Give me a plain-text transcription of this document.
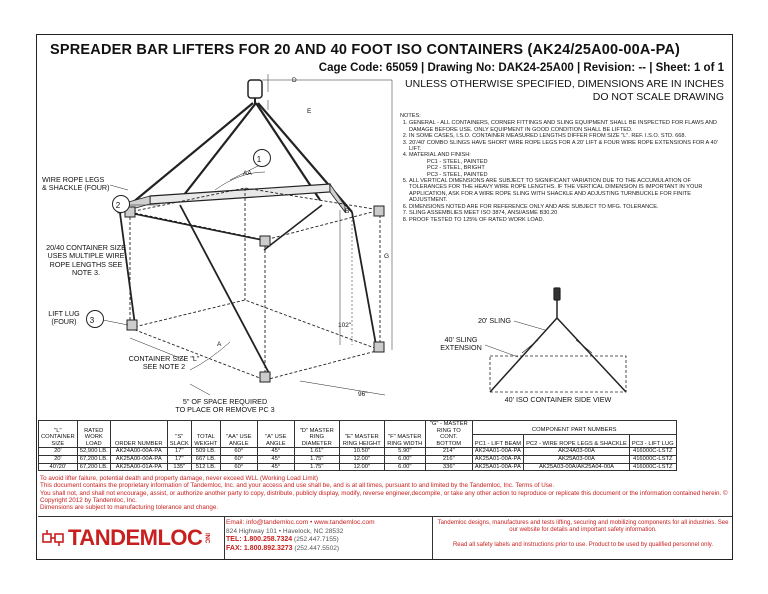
SPREADER BAR LIFTERS FOR 20 AND 40 FOOT ISO CONTAINERS (AK24/25A00-00A-PA)
Cage Code: 65059 | Drawing No: DAK24-25A00 | Revision: -- | Sheet: 1 of 1
UNLESS OTHERWISE SPECIFIED, DIMENSIONS ARE IN INCHES
DO NOT SCALE DRAWING
1
2
3
D
E
B
G
AA
A
102"
96"
WIRE ROPE LEGS
& SHACKLE (FOUR)
20/40 CONTAINER SIZE
USES MULTIPLE WIRE
ROPE LENGTHS SEE
NOTE 3.
LIFT LUG
(FOUR)
CONTAINER SIZE "L"
SEE NOTE 2
5" OF SPACE REQUIRED
TO PLACE OR REMOVE PC 3
20' SLING
40' SLING
EXTENSION
40' ISO CONTAINER SIDE VIEW
NOTES:
1. GENERAL - ALL CONTAINERS, CORNER FITTINGS AND SLING EQUIPMENT SHALL BE INSPECTED FOR FLAWS AND DAMAGE BEFORE USE. ONLY EQUIPMENT IN GOOD CONDITION SHALL BE LIFTED.
2. IN SOME CASES, I.S.O. CONTAINER MEASURED LENGTHS DIFFER FROM SIZE "L". REF. I.S.O. STD. 668.
3. 20'/40' COMBO SLINGS HAVE SHORT WIRE ROPE LEGS FOR A 20' LIFT & FOUR WIRE ROPE EXTENSIONS FOR A 40' LIFT.
4. MATERIAL AND FINISH:
PC1 - STEEL, PAINTED
PC2 - STEEL, BRIGHT
PC3 - STEEL, PAINTED
5. ALL VERTICAL DIMENSIONS ARE SUBJECT TO SIGNIFICANT VARIATION DUE TO THE ACCUMULATION OF TOLERANCES FOR THE HEAVY WIRE ROPE LENGTHS. IF THE VERTICAL DIMENSION IS IMPORTANT IN YOUR APPLICATION, ASK FOR A WIRE ROPE SLING WITH SHACKLE AND ADJUSTING TURNBUCKLE FOR FINITE ADJUSTMENT.
6. DIMENSIONS NOTED ARE FOR REFERENCE ONLY AND ARE SUBJECT TO MFG. TOLERANCE.
7. SLING ASSEMBLIES MEET ISO 3874, ANSI/ASME B30.20
8. PROOF TESTED TO 125% OF RATED WORK LOAD.
"L" CONTAINER SIZE	RATED WORK LOAD	ORDER NUMBER	"S" SLACK	TOTAL WEIGHT	"AA" USE ANGLE	"A" USE ANGLE	"D" MASTER RING DIAMETER	"E" MASTER RING HEIGHT	"F" MASTER RING WIDTH	"G" - MASTER RING TO CONT. BOTTOM	COMPONENT PART NUMBERS		
											PC1 - LIFT BEAM	PC2 - WIRE ROPE LEGS & SHACKLE	PC3 - LIFT LUG
20'	52,900 LB.	AK24A00-00A-PA	17"	509 LB.	60°	45°	1.61"	10.50"	5.90"	214"	AK24A01-00A-PA	AK24A03-00A	416000C-LSTZ
20'	67,200 LB.	AK25A00-00A-PA	17"	667 LB.	60°	45°	1.75"	12.00"	6.00"	216"	AK25A01-00A-PA	AK25A03-00A	416000C-LSTZ
40'/20'	67,200 LB.	AK25A00-01A-PA	135"	512 LB.	60°	45°	1.75"	12.00"	6.00"	336"	AK25A01-00A-PA	AK25A03-00A/AK25A04-00A	416000C-LSTZ
To avoid lifter failure, potential death and property damage, never exceed WLL (Working Load Limit)
This document contains the proprietary information of Tandemloc, Inc. and your access and use shall be, and is at all times, pursuant to and limited by the Tandemloc, Inc. Terms of Use.
You shall not, and shall not encourage, assist, or authorize another party to copy, distribute, publicly display, modify, reverse engineer,decompile, or take any other action to reproduce or replicate this document or the information contained herein. © Copyright 2012 by Tandemloc, Inc.
Dimensions are subject to manufacturing tolerance and change.
TANDEMLOC INC
Email: info@tandemloc.com • www.tandemloc.com
824 Highway 101 • Havelock, NC 28532
TEL: 1.800.258.7324 (252.447.7155)
FAX: 1.800.892.3273 (252.447.5502)
Tandemloc designs, manufactures and tests lifting, securing and mobilizing components for all industries. See our website for details and important safety information.
Read all safety labels and instructions prior to use. Product to be used by qualified personnel only.
